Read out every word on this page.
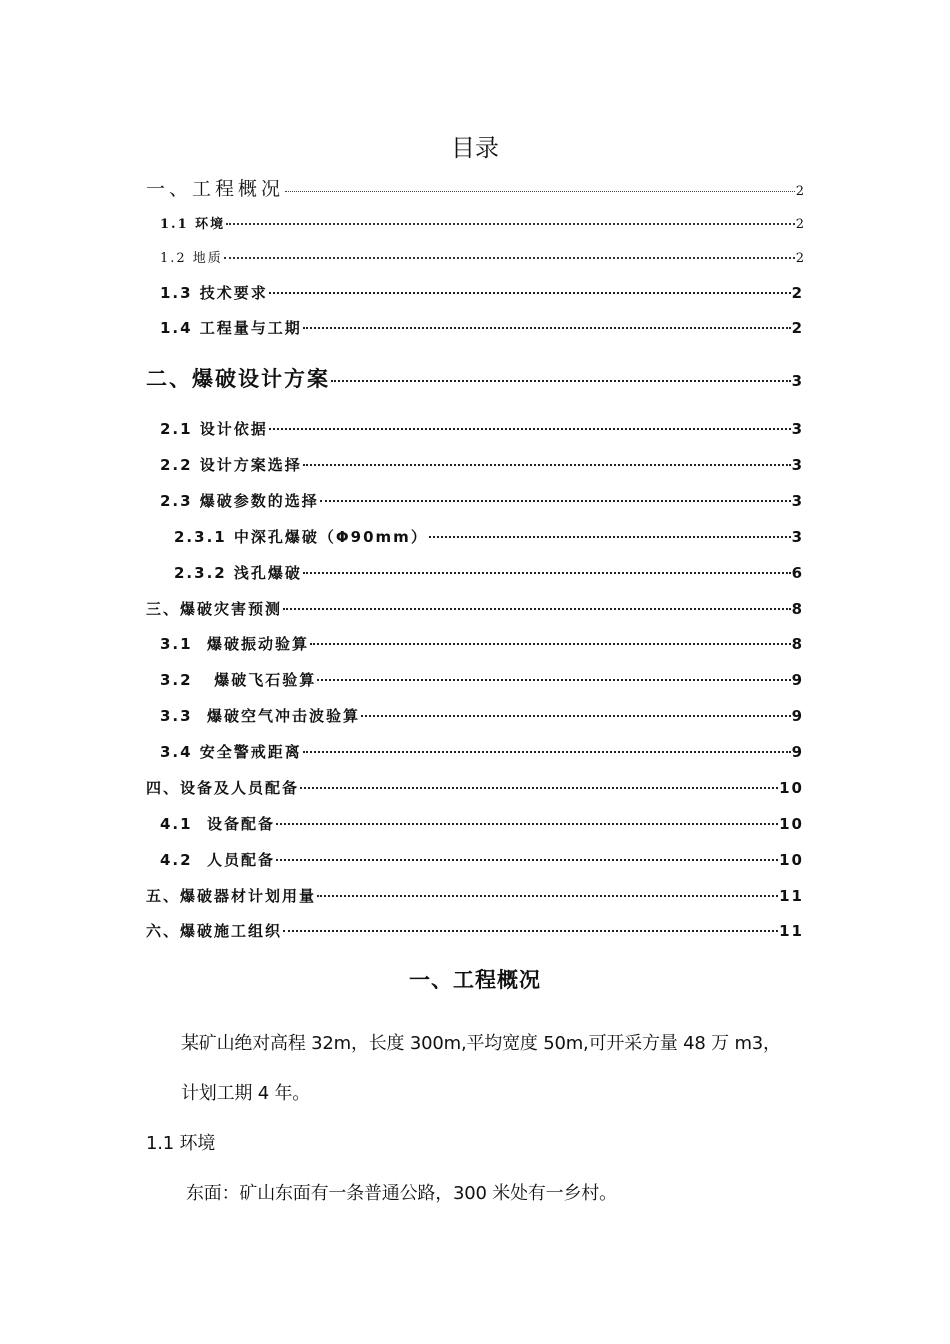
目录
一、工程概况	2
1.1 环境	2
1.2 地质	2
1.3 技术要求	2
1.4 工程量与工期	2
二、爆破设计方案	3
2.1 设计依据	3
2.2 设计方案选择	3
2.3 爆破参数的选择	3
2.3.1 中深孔爆破（Φ90mm）	3
2.3.2 浅孔爆破	6
三、爆破灾害预测	8
3.1  爆破振动验算	8
3.2   爆破飞石验算	9
3.3  爆破空气冲击波验算	9
3.4 安全警戒距离	9
四、设备及人员配备	10
4.1  设备配备	10
4.2  人员配备	10
五、爆破器材计划用量	11
六、爆破施工组织	11
一、工程概况
某矿山绝对高程 32m，长度 300m,平均宽度 50m,可开采方量 48 万 m3，
计划工期 4 年。
1.1 环境
东面：矿山东面有一条普通公路，300 米处有一乡村。
